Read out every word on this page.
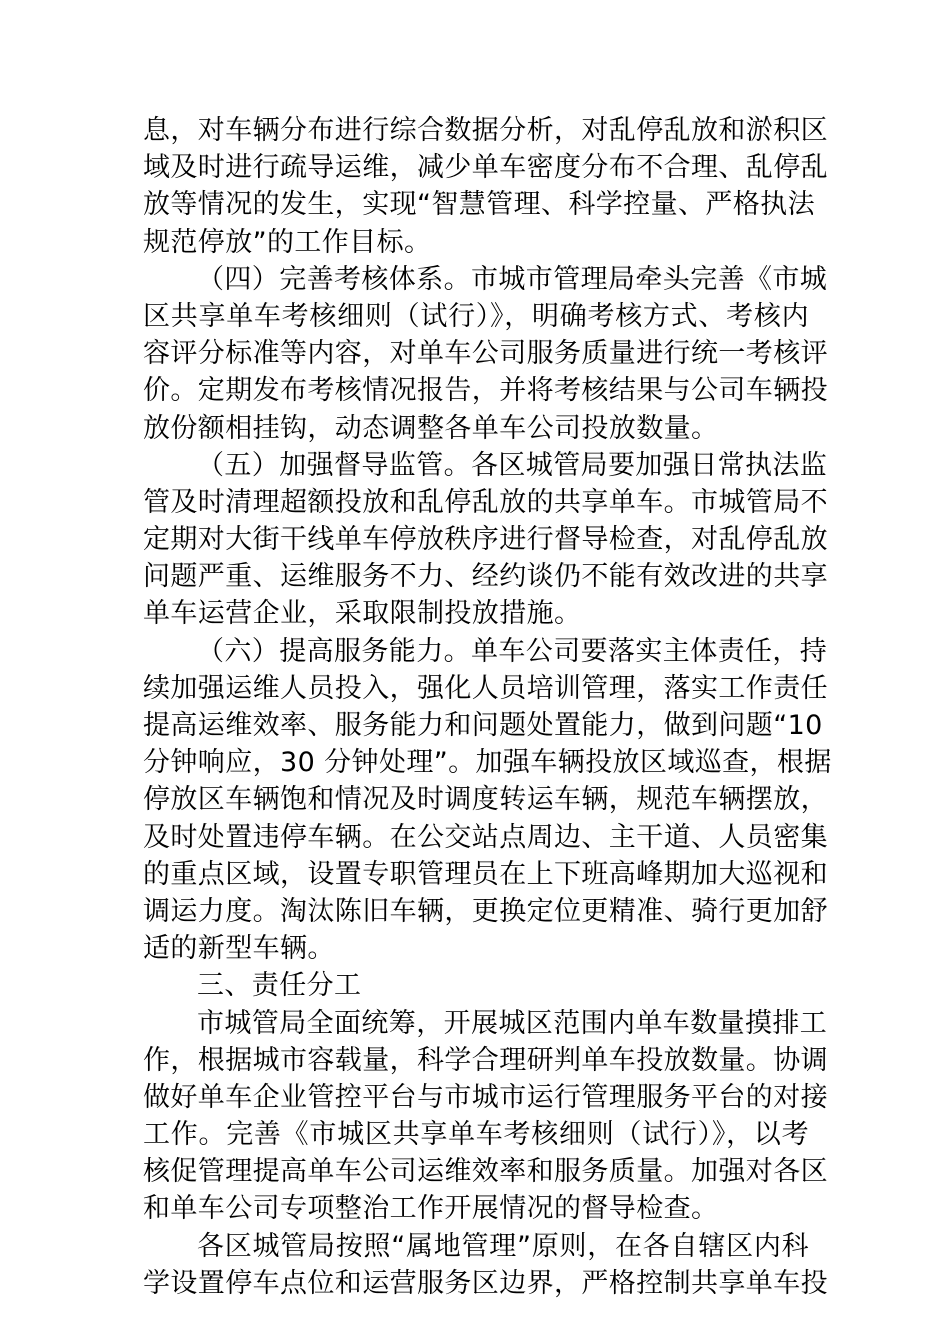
息，对车辆分布进行综合数据分析，对乱停乱放和淤积区
域及时进行疏导运维，减少单车密度分布不合理、乱停乱
放等情况的发生，实现“智慧管理、科学控量、严格执法
规范停放”的工作目标。
（四）完善考核体系。市城市管理局牵头完善《市城
区共享单车考核细则（试行）》，明确考核方式、考核内
容评分标准等内容，对单车公司服务质量进行统一考核评
价。定期发布考核情况报告，并将考核结果与公司车辆投
放份额相挂钩，动态调整各单车公司投放数量。
（五）加强督导监管。各区城管局要加强日常执法监
管及时清理超额投放和乱停乱放的共享单车。市城管局不
定期对大街干线单车停放秩序进行督导检查，对乱停乱放
问题严重、运维服务不力、经约谈仍不能有效改进的共享
单车运营企业，采取限制投放措施。
（六）提高服务能力。单车公司要落实主体责任，持
续加强运维人员投入，强化人员培训管理，落实工作责任
提高运维效率、服务能力和问题处置能力，做到问题“10
分钟响应，30 分钟处理”。加强车辆投放区域巡查，根据
停放区车辆饱和情况及时调度转运车辆，规范车辆摆放，
及时处置违停车辆。在公交站点周边、主干道、人员密集
的重点区域，设置专职管理员在上下班高峰期加大巡视和
调运力度。淘汰陈旧车辆，更换定位更精准、骑行更加舒
适的新型车辆。
三、责任分工
市城管局全面统筹，开展城区范围内单车数量摸排工
作，根据城市容载量，科学合理研判单车投放数量。协调
做好单车企业管控平台与市城市运行管理服务平台的对接
工作。完善《市城区共享单车考核细则（试行）》，以考
核促管理提高单车公司运维效率和服务质量。加强对各区
和单车公司专项整治工作开展情况的督导检查。
各区城管局按照“属地管理”原则，在各自辖区内科
学设置停车点位和运营服务区边界，严格控制共享单车投
